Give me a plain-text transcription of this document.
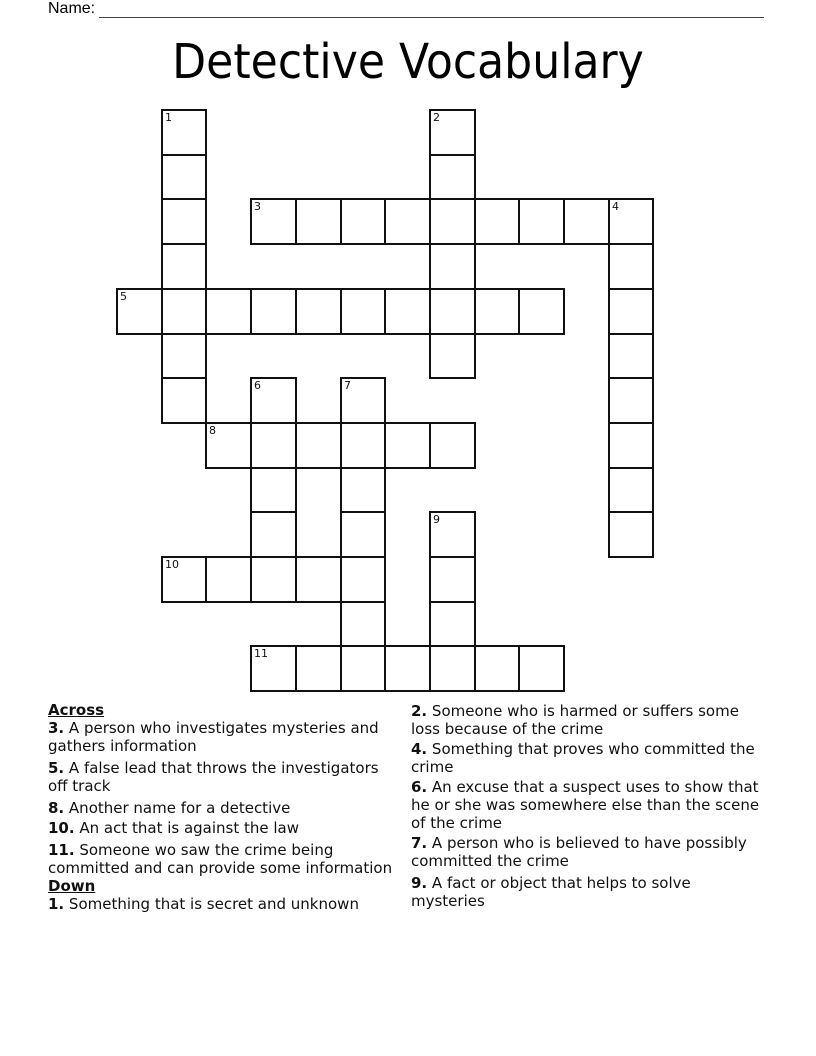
Name:
Detective Vocabulary
1	2
3	4
5
6	7
8
9
10
11

Across

3. A person who investigates mysteries and gathers information

5. A false lead that throws the investigators off track

8. Another name for a detective

10. An act that is against the law

11. Someone wo saw the crime being committed and can provide some information

Down

1. Something that is secret and unknown

2. Someone who is harmed or suffers some loss because of the crime

4. Something that proves who committed the crime

6. An excuse that a suspect uses to show that he or she was somewhere else than the scene of the crime

7. A person who is believed to have possibly committed the crime

9. A fact or object that helps to solve mysteries
